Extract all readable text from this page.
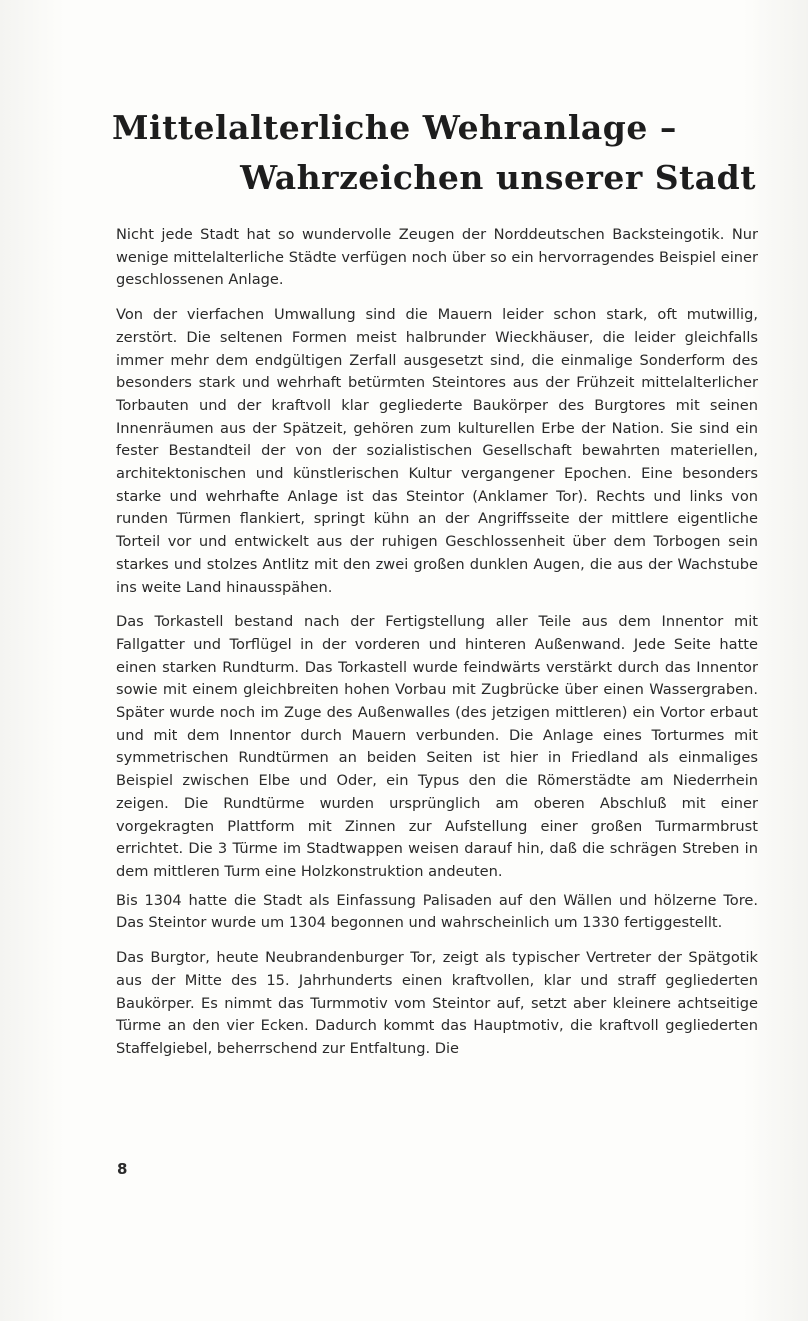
Mittelalterliche Wehranlage –
Wahrzeichen unserer Stadt

Nicht jede Stadt hat so wundervolle Zeugen der Norddeutschen Backsteingotik. Nur wenige mittelalterliche Städte verfügen noch über so ein hervorragendes Beispiel einer geschlossenen Anlage.

Von der vierfachen Umwallung sind die Mauern leider schon stark, oft mutwillig, zerstört. Die seltenen Formen meist halbrunder Wieckhäuser, die leider gleichfalls immer mehr dem endgültigen Zerfall ausgesetzt sind, die einmalige Sonderform des besonders stark und wehrhaft betürmten Steintores aus der Frühzeit mittelalterlicher Torbauten und der kraftvoll klar gegliederte Baukörper des Burgtores mit seinen Innenräumen aus der Spätzeit, gehören zum kulturellen Erbe der Nation. Sie sind ein fester Bestandteil der von der sozialistischen Gesellschaft bewahrten materiellen, architektonischen und künstlerischen Kultur vergangener Epochen. Eine besonders starke und wehrhafte Anlage ist das Steintor (Anklamer Tor). Rechts und links von runden Türmen flankiert, springt kühn an der Angriffsseite der mittlere eigentliche Torteil vor und entwickelt aus der ruhigen Geschlossenheit über dem Torbogen sein starkes und stolzes Antlitz mit den zwei großen dunklen Augen, die aus der Wachstube ins weite Land hinausspähen.

Das Torkastell bestand nach der Fertigstellung aller Teile aus dem Innentor mit Fallgatter und Torflügel in der vorderen und hinteren Außenwand. Jede Seite hatte einen starken Rundturm. Das Torkastell wurde feindwärts verstärkt durch das Innentor sowie mit einem gleichbreiten hohen Vorbau mit Zugbrücke über einen Wassergraben. Später wurde noch im Zuge des Außenwalles (des jetzigen mittleren) ein Vortor erbaut und mit dem Innentor durch Mauern verbunden. Die Anlage eines Torturmes mit symmetrischen Rundtürmen an beiden Seiten ist hier in Friedland als einmaliges Beispiel zwischen Elbe und Oder, ein Typus den die Römerstädte am Niederrhein zeigen. Die Rundtürme wurden ursprünglich am oberen Abschluß mit einer vorgekragten Plattform mit Zinnen zur Aufstellung einer großen Turmarmbrust errichtet. Die 3 Türme im Stadtwappen weisen darauf hin, daß die schrägen Streben in dem mittleren Turm eine Holzkonstruktion andeuten.

Bis 1304 hatte die Stadt als Einfassung Palisaden auf den Wällen und hölzerne Tore. Das Steintor wurde um 1304 begonnen und wahrscheinlich um 1330 fertiggestellt.

Das Burgtor, heute Neubrandenburger Tor, zeigt als typischer Vertreter der Spätgotik aus der Mitte des 15. Jahrhunderts einen kraftvollen, klar und straff gegliederten Baukörper. Es nimmt das Turmmotiv vom Steintor auf, setzt aber kleinere achtseitige Türme an den vier Ecken. Dadurch kommt das Hauptmotiv, die kraftvoll gegliederten Staffelgiebel, beherrschend zur Entfaltung. Die

8
